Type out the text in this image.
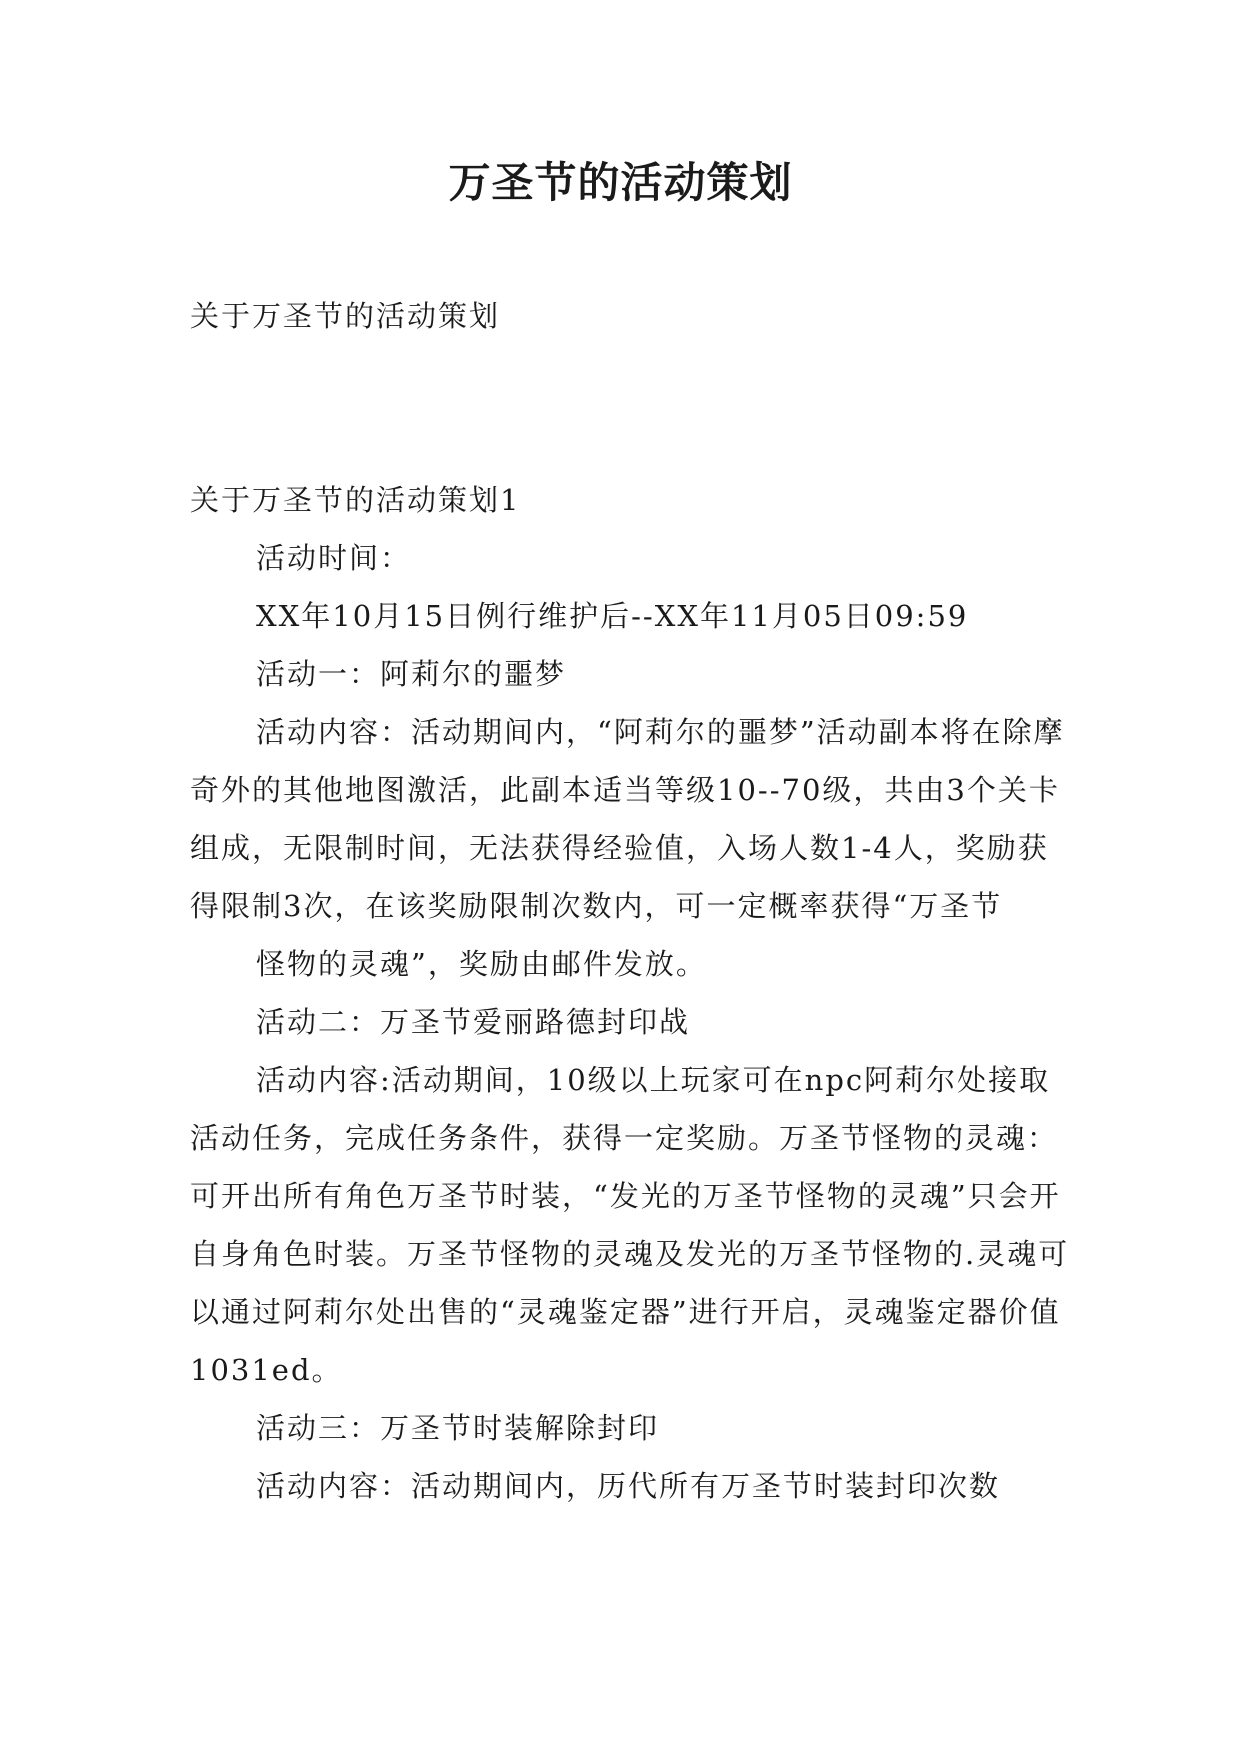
万圣节的活动策划
关于万圣节的活动策划

关于万圣节的活动策划1

活动时间：

XX年10月15日例行维护后--XX年11月05日09:59

活动一：阿莉尔的噩梦

活动内容：活动期间内，“阿莉尔的噩梦”活动副本将在除摩奇外的其他地图激活，此副本适当等级10--70级，共由3个关卡组成，无限制时间，无法获得经验值，入场人数1-4人，奖励获得限制3次，在该奖励限制次数内，可一定概率获得“万圣节

怪物的灵魂”，奖励由邮件发放。

活动二：万圣节爱丽路德封印战

活动内容:活动期间，10级以上玩家可在npc阿莉尔处接取活动任务，完成任务条件，获得一定奖励。万圣节怪物的灵魂：可开出所有角色万圣节时装，“发光的万圣节怪物的灵魂”只会开自身角色时装。万圣节怪物的灵魂及发光的万圣节怪物的.灵魂可以通过阿莉尔处出售的“灵魂鉴定器”进行开启，灵魂鉴定器价值1031ed。

活动三：万圣节时装解除封印

活动内容：活动期间内，历代所有万圣节时装封印次数
